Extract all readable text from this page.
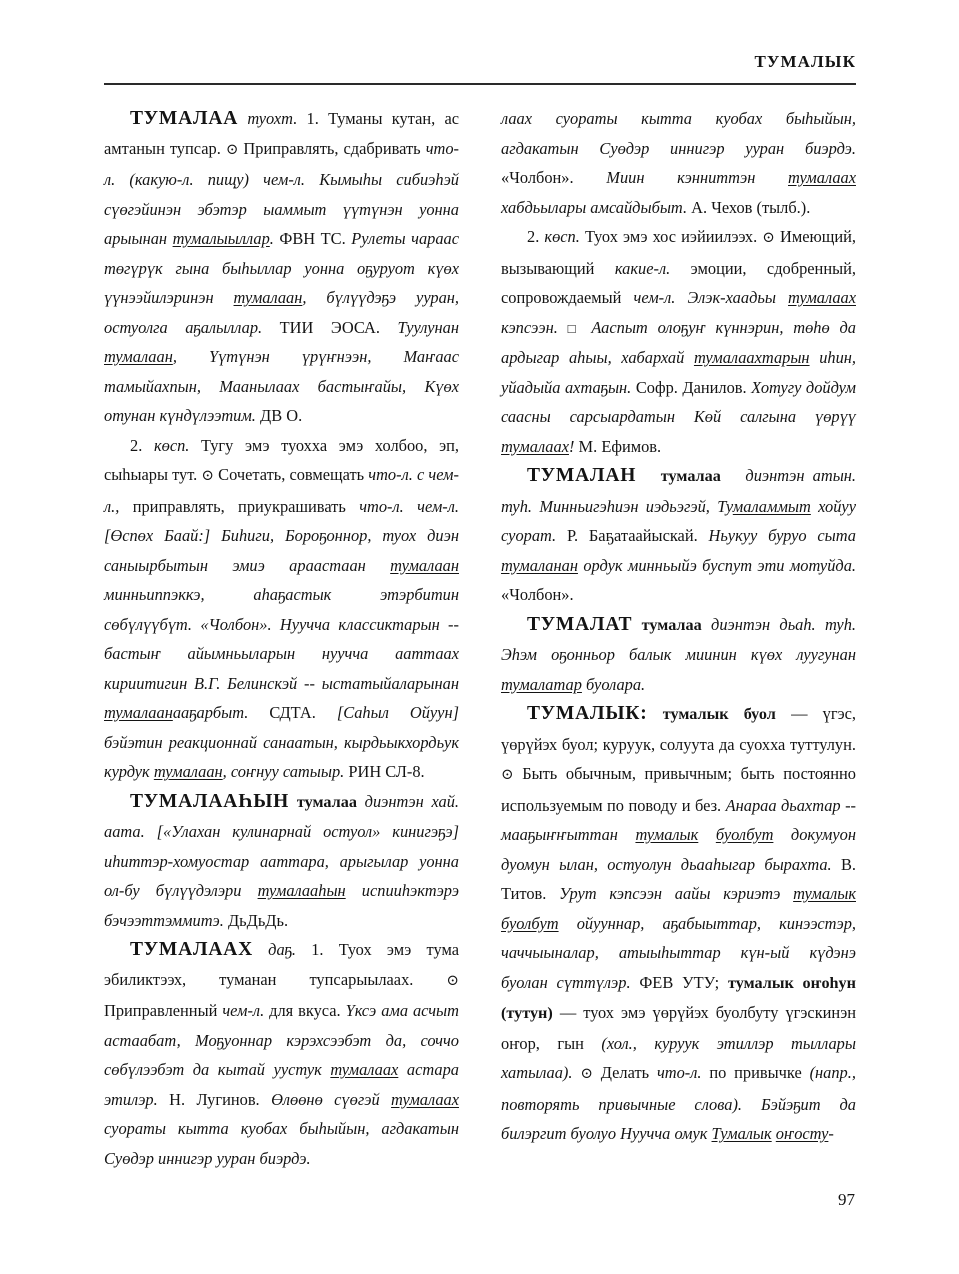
ТУМАЛЫК

ТУМАЛАА туохт. 1. Туманы кутан, ас амтанын тупсар. ⊙ Приправлять, сдабривать что-л. (какую-л. пищу) чем-л. Кымыһы сибиэһэй сүөгэйинэн эбэтэр ыаммыт үүтүнэн уонна арыынан тумалыыллар. ФВН ТС. Рулеты чараас төгүрүк гына быһыллар уонна оҕуруот күөх үүнээйилэринэн тумалаан, бүлүүдэҕэ ууран, остуолга аҕалыллар. ТИИ ЭОСА. Туулунан тумалаан, Үүтүнэн үрүҥнээн, Маҥаас тамыйахпын, Маанылаах бастыҥайы, Күөх отунан күндүлээтим. ДВ О.

2. көсп. Тугу эмэ туохха эмэ холбоо, эп, сыһыары тут. ⊙ Сочетать, совмещать что-л. с чем-л., приправлять, приукрашивать что-л. чем-л. [Өспөх Баай:] Биһиги, Бороҕоннор, туох диэн саныырбытын эмиэ араастаан тумалаан минньиппэккэ, аһаҕастык этэрбитин сөбүлүүбүт. «Чолбон». Нуучча классиктарын -- бастыҥ айымньыларын нуучча ааттаах кириитигин В.Г. Белинскэй -- ыстатыйаларынан тумалаанааҕарбыт. СДТА. [Саһыл Ойуун] бэйэтин реакционнай санаатын, кырдьыкхордьук курдук тумалаан, соҥнуу сатыыр. РИН СЛ-8.

ТУМАЛААҺЫН тумалаа диэнтэн хай. аата. [«Улахан кулинарнай остуол» кинигэҕэ] иһиттэр-хомуостар ааттара, арыгылар уонна ол-бу бүлүүдэлэри тумалааһын испииһэктэрэ бэчээттэммитэ. ДьДьДь.

ТУМАЛААХ даҕ. 1. Туох эмэ тума эбиликтээх, туманан тупсарыылаах. ⊙ Приправленный чем-л. для вкуса. Үксэ ама асчыт астаабат, Моҕуоннар кэрэхсээбэт да, соччо сөбүлээбэт да кытай уустук тумалаах астара этилэр. Н. Лугинов. Өлөөнө сүөгэй тумалаах суораты кытта куобах быһыйын, агдакатын Суөдэр иннигэр ууран биэрдэ.

лаах суораты кытта куобах быһыйын, агдакатын Суөдэр иннигэр ууран биэрдэ. «Чолбон». Миин кэнниттэн тумалаах хабдьылары амсайдыбыт. А. Чехов (тылб.).

2. көсп. Туох эмэ хос иэйиилээх. ⊙ Имеющий, вызывающий какие-л. эмоции, сдобренный, сопровождаемый чем-л. Элэк-хаадьы тумалаах кэпсээн. □ Ааспыт олоҕуҥ күннэрин, төһө да ардыгар аһыы, хабархай тумалаахтарын иһин, уйадыйа ахтаҕын. Софр. Данилов. Хотугу дойдум саасны сарсыардатын Көй салгына үөрүү тумалаах! М. Ефимов.

ТУМАЛАН тумалаа диэнтэн атын. туһ. Минньигэһиэн иэдьэгэй, Тумаламмыт хойуу суорат. Р. Баҕатаайыскай. Ньукуу буруо сыта тумаланан ордук минньыйэ буспут эти мотуйда. «Чолбон».

ТУМАЛАТ тумалаа диэнтэн дьаһ. туһ. Эһэм оҕонньор балык миинин күөх луугунан тумалатар буолара.

ТУМАЛЫК: тумалык буол — үгэс, үөрүйэх буол; куруук, солуута да суохха туттулун. ⊙ Быть обычным, привычным; быть постоянно используемым по поводу и без. Анараа дьахтар -- мааҕыҥҥыттан тумалык буолбут докумуон дуомун ылан, остуолун дьааһыгар бырахта. В. Титов. Урут кэпсээн аайы кэриэтэ тумалык буолбут ойууннар, аҕабыыттар, кинээстэр, чаччыыналар, атыыһыттар күн-ый күдэнэ буолан сүттүлэр. ФЕВ УТУ; тумалык оҥоһун (тутун) — туох эмэ үөрүйэх буолбуту үгэскинэн оҥор, гын (хол., куруук этиллэр тыллары хатылаа). ⊙ Делать что-л. по привычке (напр., повторять привычные слова). Бэйэҕит да билэргит буолуо Нуучча омук Тумалык оҥосту-

97
